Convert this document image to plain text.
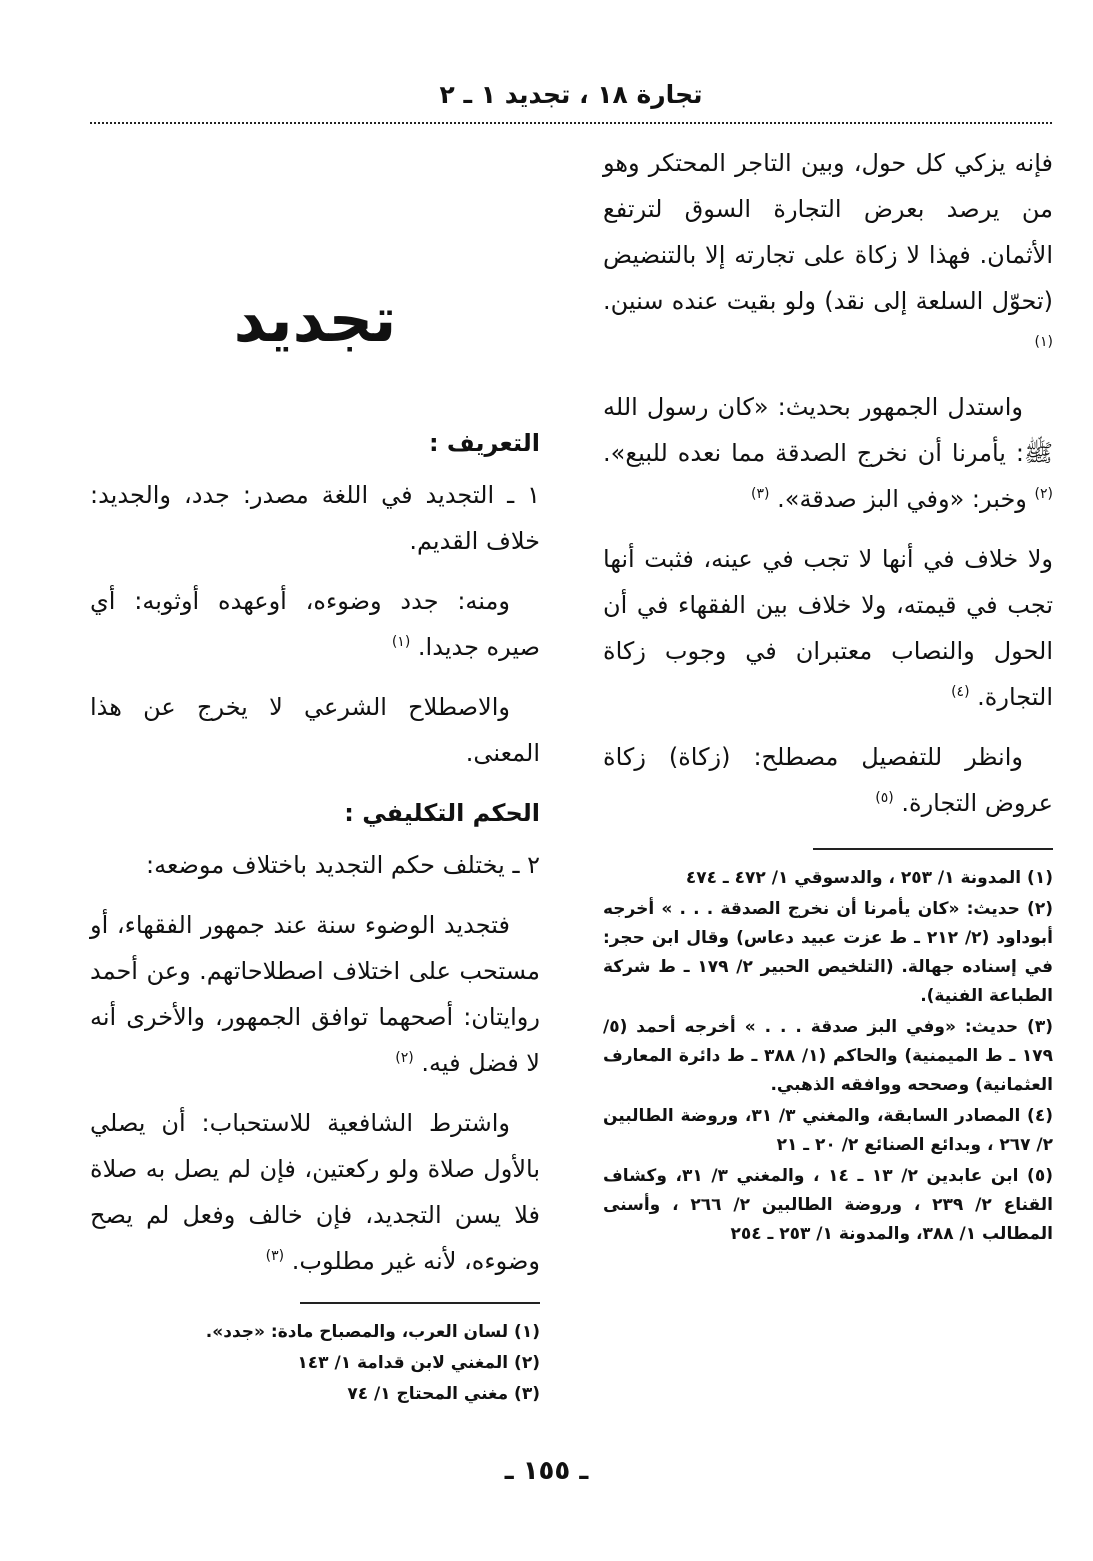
تجارة ١٨ ، تجديد ١ ـ ٢

فإنه يزكي كل حول، وبين التاجر المحتكر وهو من يرصد بعرض التجارة السوق لترتفع الأثمان. فهذا لا زكاة على تجارته إلا بالتنضيض (تحوّل السلعة إلى نقد) ولو بقيت عنده سنين. $^{(١)}$

واستدل الجمهور بحديث: «كان رسول الله ﷺ: يأمرنا أن نخرج الصدقة مما نعده للبيع». $^{(٢)}$ وخبر: «وفي البز صدقة». $^{(٣)}$

ولا خلاف في أنها لا تجب في عينه، فثبت أنها تجب في قيمته، ولا خلاف بين الفقهاء في أن الحول والنصاب معتبران في وجوب زكاة التجارة. $^{(٤)}$

وانظر للتفصيل مصطلح: (زكاة) زكاة عروض التجارة. $^{(٥)}$

(١) المدونة ١/ ٢٥٣ ، والدسوقي ١/ ٤٧٢ ـ ٤٧٤

(٢) حديث: «كان يأمرنا أن نخرج الصدقة . . . » أخرجه أبوداود (٢/ ٢١٢ ـ ط عزت عبيد دعاس) وقال ابن حجر: في إسناده جهالة. (التلخيص الحبير ٢/ ١٧٩ ـ ط شركة الطباعة الفنية).

(٣) حديث: «وفي البز صدقة . . . » أخرجه أحمد (٥/ ١٧٩ ـ ط الميمنية) والحاكم (١/ ٣٨٨ ـ ط دائرة المعارف العثمانية) وصححه ووافقه الذهبي.

(٤) المصادر السابقة، والمغني ٣/ ٣١، وروضة الطالبين ٢/ ٢٦٧ ، وبدائع الصنائع ٢/ ٢٠ ـ ٢١

(٥) ابن عابدين ٢/ ١٣ ـ ١٤ ، والمغني ٣/ ٣١، وكشاف القناع ٢/ ٢٣٩ ، وروضة الطالبين ٢/ ٢٦٦ ، وأسنى المطالب ١/ ٣٨٨، والمدونة ١/ ٢٥٣ ـ ٢٥٤

تجديد
التعريف :

١ ـ التجديد في اللغة مصدر: جدد، والجديد: خلاف القديم.

ومنه: جدد وضوءه، أوعهده أوثوبه: أي صيره جديدا. $^{(١)}$

والاصطلاح الشرعي لا يخرج عن هذا المعنى.

الحكم التكليفي :

٢ ـ يختلف حكم التجديد باختلاف موضعه:

فتجديد الوضوء سنة عند جمهور الفقهاء، أو مستحب على اختلاف اصطلاحاتهم. وعن أحمد روايتان: أصحهما توافق الجمهور، والأخرى أنه لا فضل فيه. $^{(٢)}$

واشترط الشافعية للاستحباب: أن يصلي بالأول صلاة ولو ركعتين، فإن لم يصل به صلاة فلا يسن التجديد، فإن خالف وفعل لم يصح وضوءه، لأنه غير مطلوب. $^{(٣)}$

(١) لسان العرب، والمصباح مادة: «جدد».

(٢) المغني لابن قدامة ١/ ١٤٣

(٣) مغني المحتاج ١/ ٧٤

ـ ١٥٥ ـ
